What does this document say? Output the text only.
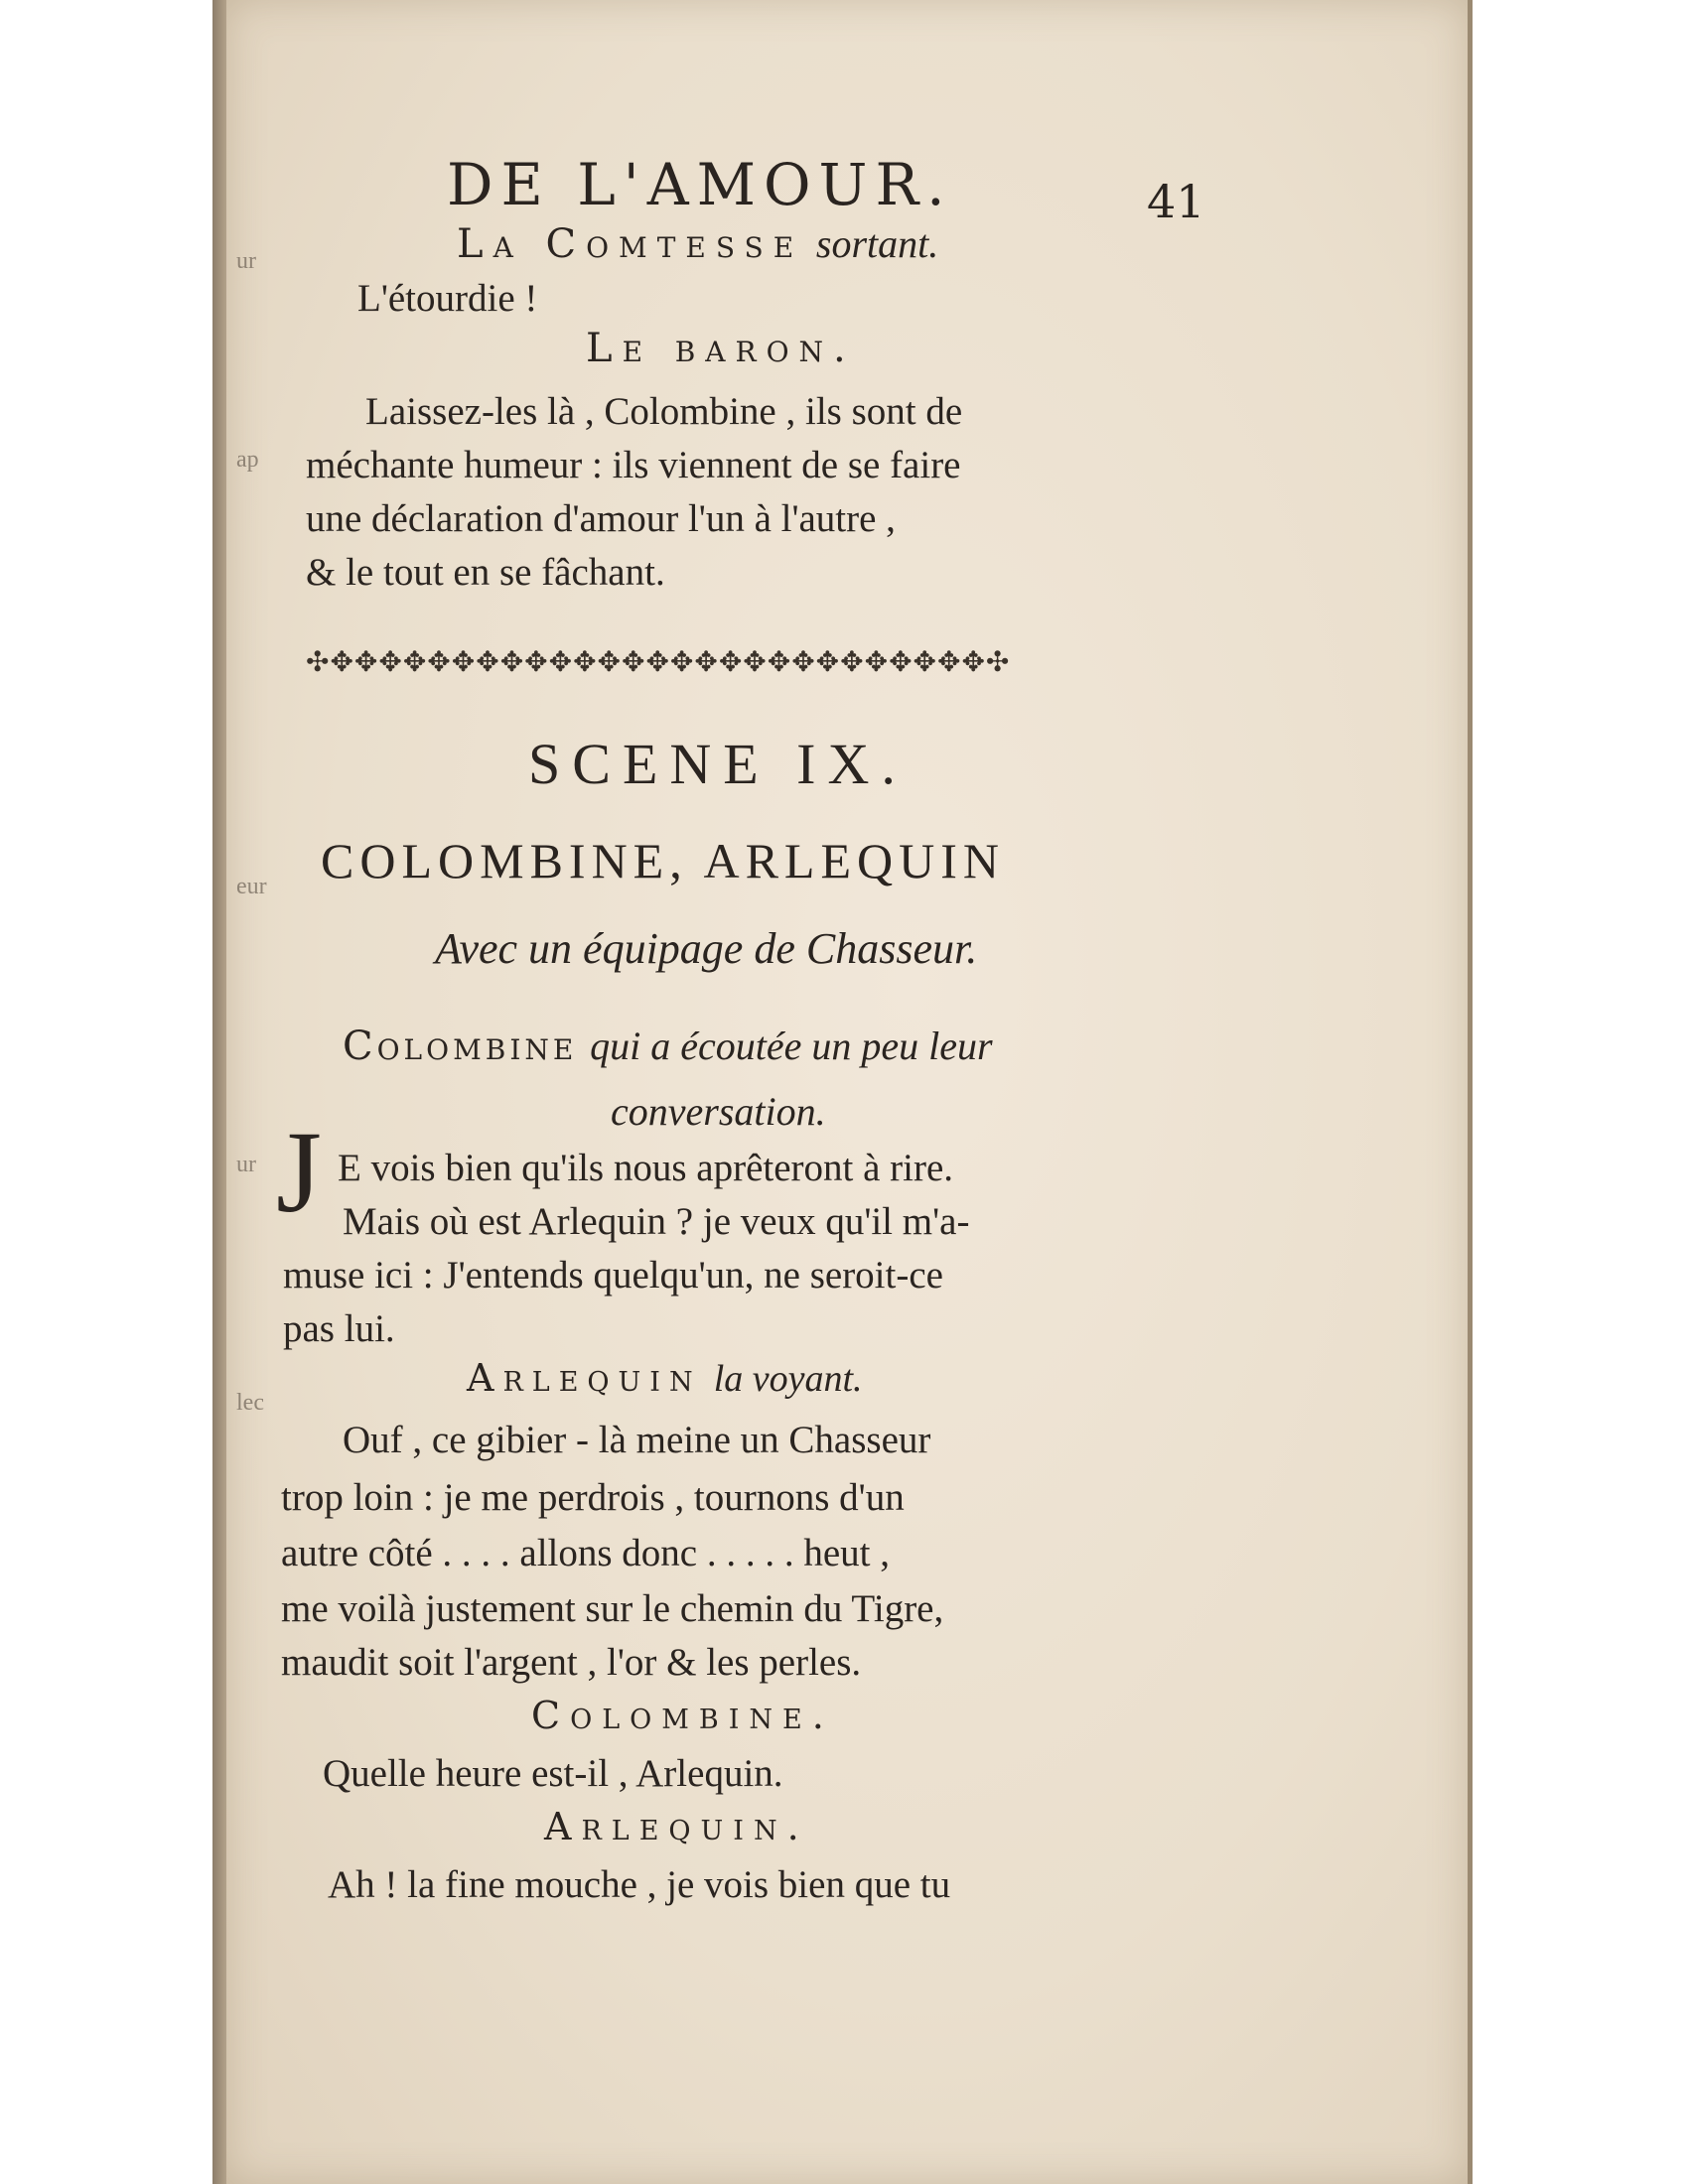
ur
ap
eur
ur
lec
DE L'AMOUR.	41
La Comtesse sortant.
L'étourdie !
Le baron.
Laissez-les là , Colombine , ils sont de
méchante humeur : ils viennent de se faire
une déclaration d'amour l'un à l'autre ,
& le tout en se fâchant.
✣✥✥✥✥✥✥✥✥✥✥✥✥✥✥✥✥✥✥✥✥✥✥✥✥✥✥✥✣
SCENE IX.
COLOMBINE, ARLEQUIN
Avec un équipage de Chasseur.
Colombine qui a écoutée un peu leur
conversation.
J E vois bien qu'ils nous aprêteront à rire.
Mais où est Arlequin ? je veux qu'il m'a-
muse ici : J'entends quelqu'un, ne seroit-ce
pas lui.
Arlequin la voyant.
Ouf , ce gibier - là meine un Chasseur
trop loin : je me perdrois , tournons d'un
autre côté . . . . allons donc . . . . . heut ,
me voilà justement sur le chemin du Tigre,
maudit soit l'argent , l'or & les perles.
Colombine.
Quelle heure est-il , Arlequin.
Arlequin.
Ah ! la fine mouche , je vois bien que tu
